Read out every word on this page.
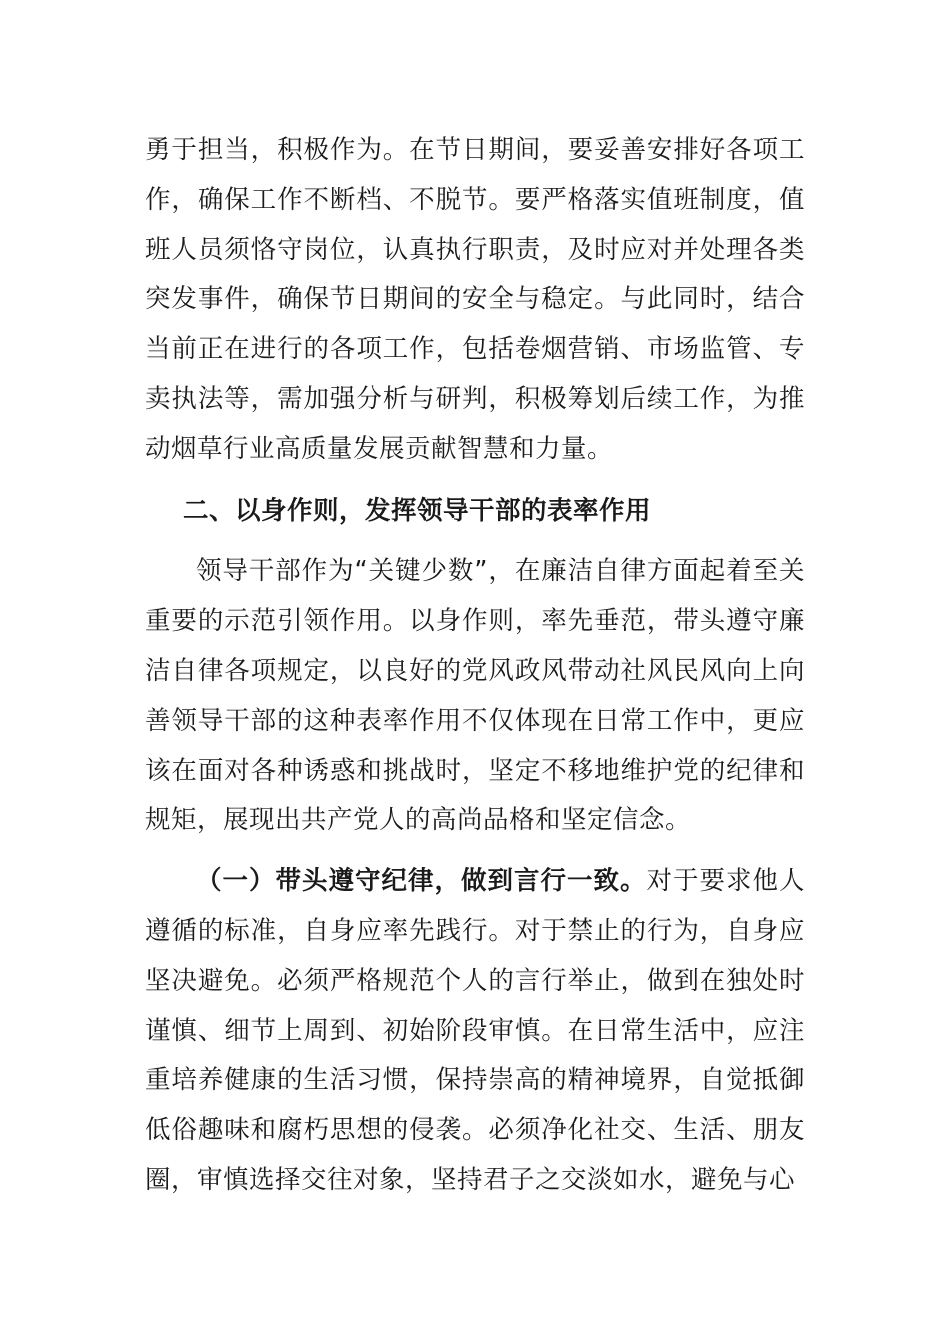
勇于担当，积极作为。在节日期间，要妥善安排好各项工作，确保工作不断档、不脱节。要严格落实值班制度，值班人员须恪守岗位，认真执行职责，及时应对并处理各类突发事件，确保节日期间的安全与稳定。与此同时，结合当前正在进行的各项工作，包括卷烟营销、市场监管、专卖执法等，需加强分析与研判，积极筹划后续工作，为推动烟草行业高质量发展贡献智慧和力量。

二、以身作则，发挥领导干部的表率作用

领导干部作为“关键少数”，在廉洁自律方面起着至关重要的示范引领作用。以身作则，率先垂范，带头遵守廉洁自律各项规定，以良好的党风政风带动社风民风向上向善领导干部的这种表率作用不仅体现在日常工作中，更应该在面对各种诱惑和挑战时，坚定不移地维护党的纪律和规矩，展现出共产党人的高尚品格和坚定信念。

（一）带头遵守纪律，做到言行一致。对于要求他人遵循的标准，自身应率先践行。对于禁止的行为，自身应坚决避免。必须严格规范个人的言行举止，做到在独处时谨慎、细节上周到、初始阶段审慎。在日常生活中，应注重培养健康的生活习惯，保持崇高的精神境界，自觉抵御低俗趣味和腐朽思想的侵袭。必须净化社交、生活、朋友圈，审慎选择交往对象，坚持君子之交淡如水，避免与心
